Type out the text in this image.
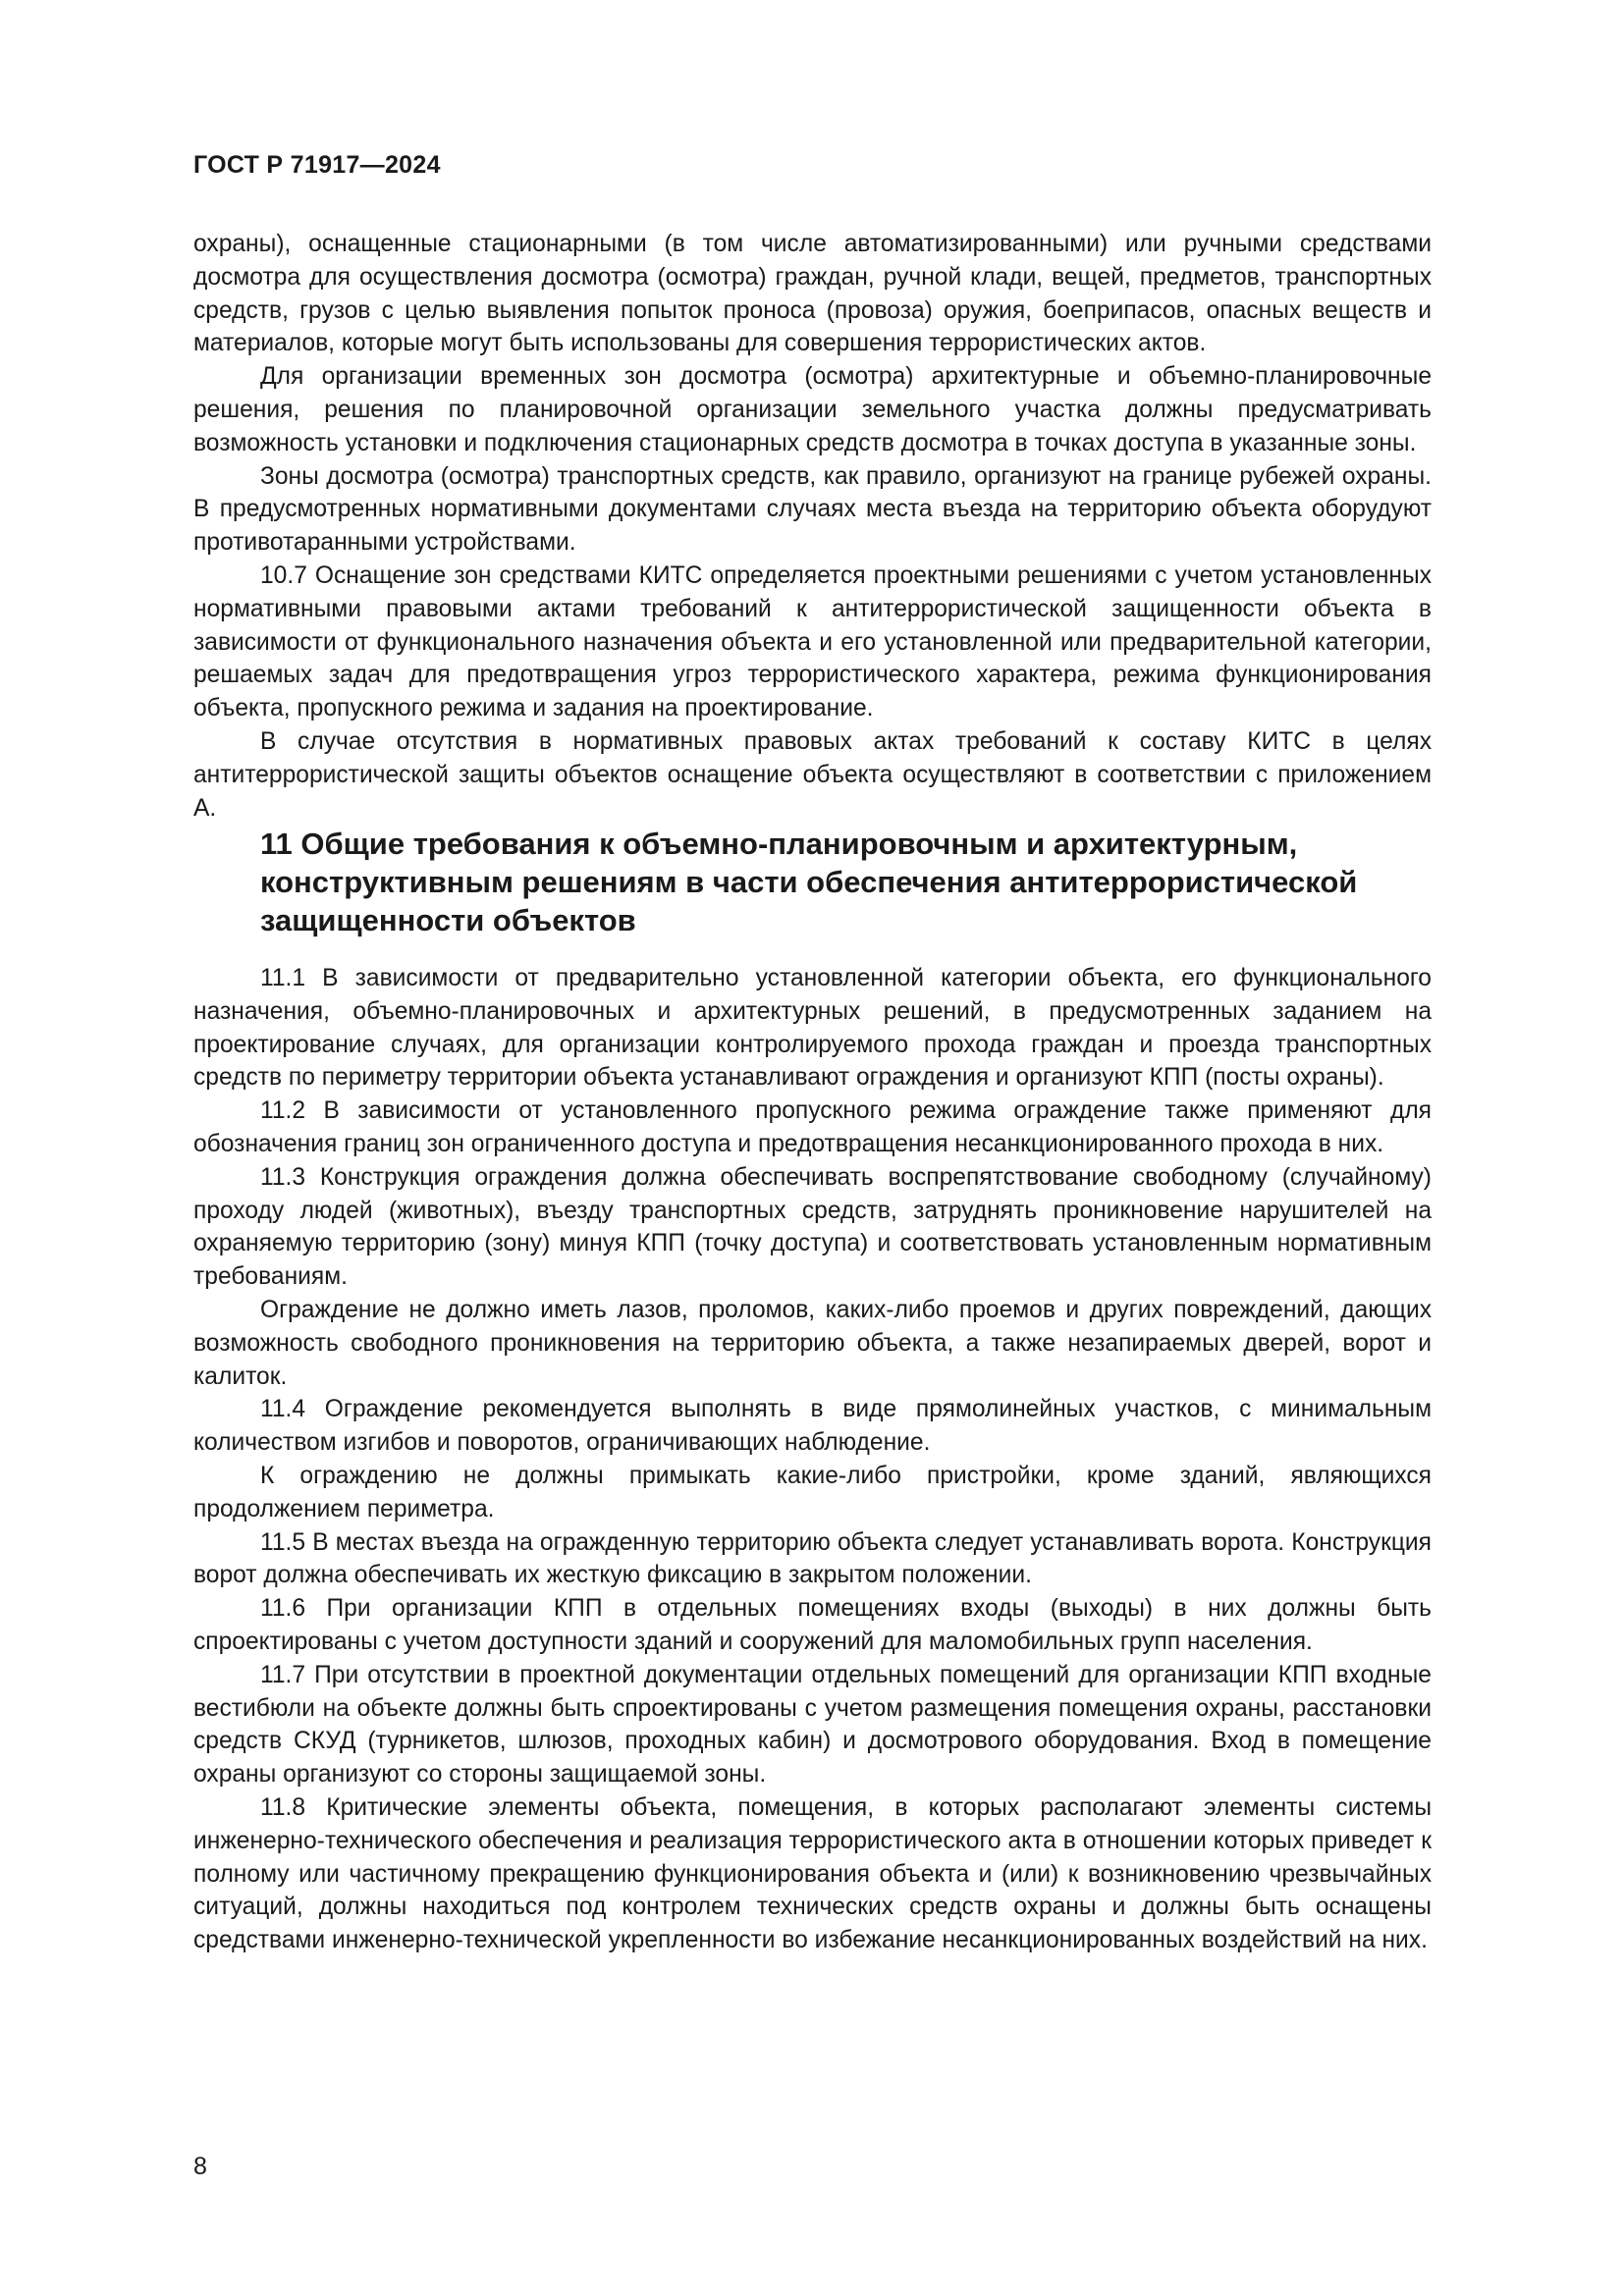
ГОСТ Р 71917—2024

охраны), оснащенные стационарными (в том числе автоматизированными) или ручными средствами досмотра для осуществления досмотра (осмотра) граждан, ручной клади, вещей, предметов, транспортных средств, грузов с целью выявления попыток проноса (провоза) оружия, боеприпасов, опасных веществ и материалов, которые могут быть использованы для совершения террористических актов.

Для организации временных зон досмотра (осмотра) архитектурные и объемно-планировочные решения, решения по планировочной организации земельного участка должны предусматривать возможность установки и подключения стационарных средств досмотра в точках доступа в указанные зоны.

Зоны досмотра (осмотра) транспортных средств, как правило, организуют на границе рубежей охраны. В предусмотренных нормативными документами случаях места въезда на территорию объекта оборудуют противотаранными устройствами.

10.7 Оснащение зон средствами КИТС определяется проектными решениями с учетом установленных нормативными правовыми актами требований к антитеррористической защищенности объекта в зависимости от функционального назначения объекта и его установленной или предварительной категории, решаемых задач для предотвращения угроз террористического характера, режима функционирования объекта, пропускного режима и задания на проектирование.

В случае отсутствия в нормативных правовых актах требований к составу КИТС в целях антитеррористической защиты объектов оснащение объекта осуществляют в соответствии с приложением А.

11 Общие требования к объемно-планировочным и архитектурным, конструктивным решениям в части обеспечения антитеррористической защищенности объектов

11.1 В зависимости от предварительно установленной категории объекта, его функционального назначения, объемно-планировочных и архитектурных решений, в предусмотренных заданием на проектирование случаях, для организации контролируемого прохода граждан и проезда транспортных средств по периметру территории объекта устанавливают ограждения и организуют КПП (посты охраны).

11.2 В зависимости от установленного пропускного режима ограждение также применяют для обозначения границ зон ограниченного доступа и предотвращения несанкционированного прохода в них.

11.3 Конструкция ограждения должна обеспечивать воспрепятствование свободному (случайному) проходу людей (животных), въезду транспортных средств, затруднять проникновение нарушителей на охраняемую территорию (зону) минуя КПП (точку доступа) и соответствовать установленным нормативным требованиям.

Ограждение не должно иметь лазов, проломов, каких-либо проемов и других повреждений, дающих возможность свободного проникновения на территорию объекта, а также незапираемых дверей, ворот и калиток.

11.4 Ограждение рекомендуется выполнять в виде прямолинейных участков, с минимальным количеством изгибов и поворотов, ограничивающих наблюдение.

К ограждению не должны примыкать какие-либо пристройки, кроме зданий, являющихся продолжением периметра.

11.5 В местах въезда на огражденную территорию объекта следует устанавливать ворота. Конструкция ворот должна обеспечивать их жесткую фиксацию в закрытом положении.

11.6 При организации КПП в отдельных помещениях входы (выходы) в них должны быть спроектированы с учетом доступности зданий и сооружений для маломобильных групп населения.

11.7 При отсутствии в проектной документации отдельных помещений для организации КПП входные вестибюли на объекте должны быть спроектированы с учетом размещения помещения охраны, расстановки средств СКУД (турникетов, шлюзов, проходных кабин) и досмотрового оборудования. Вход в помещение охраны организуют со стороны защищаемой зоны.

11.8 Критические элементы объекта, помещения, в которых располагают элементы системы инженерно-технического обеспечения и реализация террористического акта в отношении которых приведет к полному или частичному прекращению функционирования объекта и (или) к возникновению чрезвычайных ситуаций, должны находиться под контролем технических средств охраны и должны быть оснащены средствами инженерно-технической укрепленности во избежание несанкционированных воздействий на них.

8
